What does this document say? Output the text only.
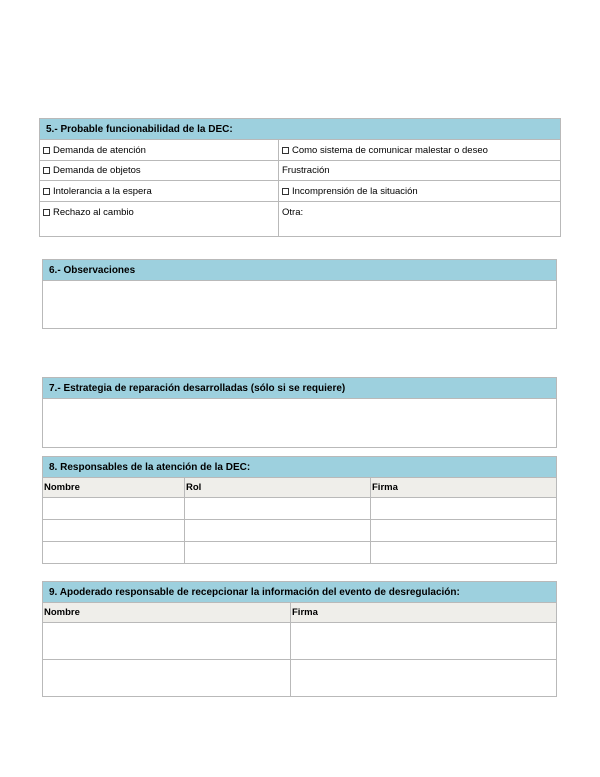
5.- Probable funcionabilidad de la DEC:
Demanda de atención	Como sistema de comunicar malestar o deseo
Demanda de objetos	Frustración
Intolerancia a la espera	Incomprensión de la situación
Rechazo al cambio	Otra:
6.- Observaciones
7.- Estrategia de reparación desarrolladas (sólo si se requiere)
8. Responsables de la atención de la DEC:
Nombre	Rol	Firma
9. Apoderado responsable de recepcionar la información del evento de desregulación:
Nombre	Firma
